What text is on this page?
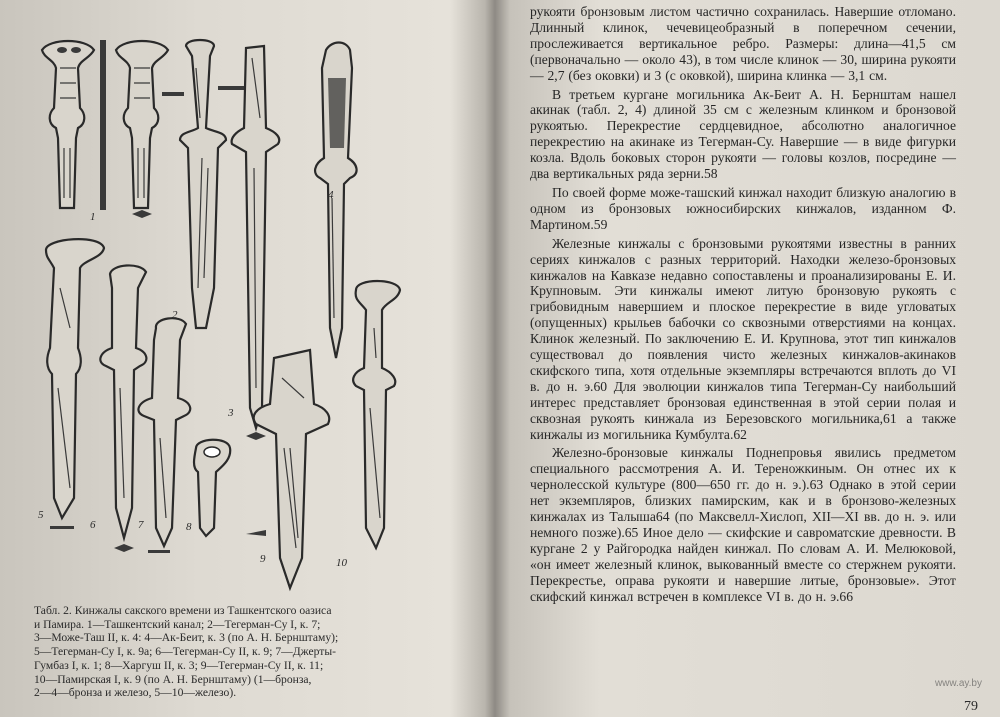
1
2
3
4
5
6	7	8
9	10

Табл. 2. Кинжалы сакского времени из Ташкентского оазиса

и Памира. 1—Ташкентский канал; 2—Тегерман-Су I, к. 7;

3—Може-Таш II, к. 4: 4—Ак-Беит, к. 3 (по А. Н. Бернштаму);

5—Тегерман-Су I, к. 9а; 6—Тегерман-Су II, к. 9; 7—Джерты-

Гумбаз I, к. 1; 8—Харгуш II, к. 3; 9—Тегерман-Су II, к. 11;

10—Памирская I, к. 9 (по А. Н. Бернштаму) (1—бронза,

2—4—бронза и железо, 5—10—железо).

рукояти бронзовым листом частично сохранилась. Навершие отломано. Длинный клинок, чечевицеобразный в поперечном сечении, прослеживается вертикальное ребро. Размеры: длина—41,5 см (первоначально — около 43), в том числе клинок — 30, ширина рукояти — 2,7 (без оковки) и 3 (с оковкой), ширина клинка — 3,1 см.

В третьем кургане могильника Ак-Беит А. Н. Бернштам нашел акинак (табл. 2, 4) длиной 35 см с железным клинком и бронзовой рукоятью. Перекрестие сердцевидное, абсолютно аналогичное перекрестию на акинаке из Тегерман-Су. Навершие — в виде фигурки козла. Вдоль боковых сторон рукояти — головы козлов, посредине — два вертикальных ряда зерни.58

По своей форме може-ташский кинжал находит близкую аналогию в одном из бронзовых южносибирских кинжалов, изданном Ф. Мартином.59

Железные кинжалы с бронзовыми рукоятями известны в ранних сериях кинжалов с разных территорий. Находки железо-бронзовых кинжалов на Кавказе недавно сопоставлены и проанализированы Е. И. Крупновым. Эти кинжалы имеют литую бронзовую рукоять с грибовидным навершием и плоское перекрестие в виде угловатых (опущенных) крыльев бабочки со сквозными отверстиями на концах. Клинок железный. По заключению Е. И. Крупнова, этот тип кинжалов существовал до появления чисто железных кинжалов-акинаков скифского типа, хотя отдельные экземпляры встречаются вплоть до VI в. до н. э.60 Для эволюции кинжалов типа Тегерман-Су наибольший интерес представляет бронзовая единственная в этой серии полая и сквозная рукоять кинжала из Березовского могильника,61 а также кинжалы из могильника Кумбулта.62

Железно-бронзовые кинжалы Поднепровья явились предметом специального рассмотрения А. И. Тереножкиным. Он отнес их к чернолесской культуре (800—650 гг. до н. э.).63 Однако в этой серии нет экземпляров, близких памирским, как и в бронзово-железных кинжалах из Талыша64 (по Максвелл-Хислоп, XII—XI вв. до н. э. или немного позже).65 Иное дело — скифские и савроматские древности. В кургане 2 у Райгородка найден кинжал. По словам А. И. Мелюковой, «он имеет железный клинок, выкованный вместе со стержнем рукояти. Перекрестье, оправа рукояти и навершие литые, бронзовые». Этот скифский кинжал встречен в комплексе VI в. до н. э.66

www.ay.by
79
